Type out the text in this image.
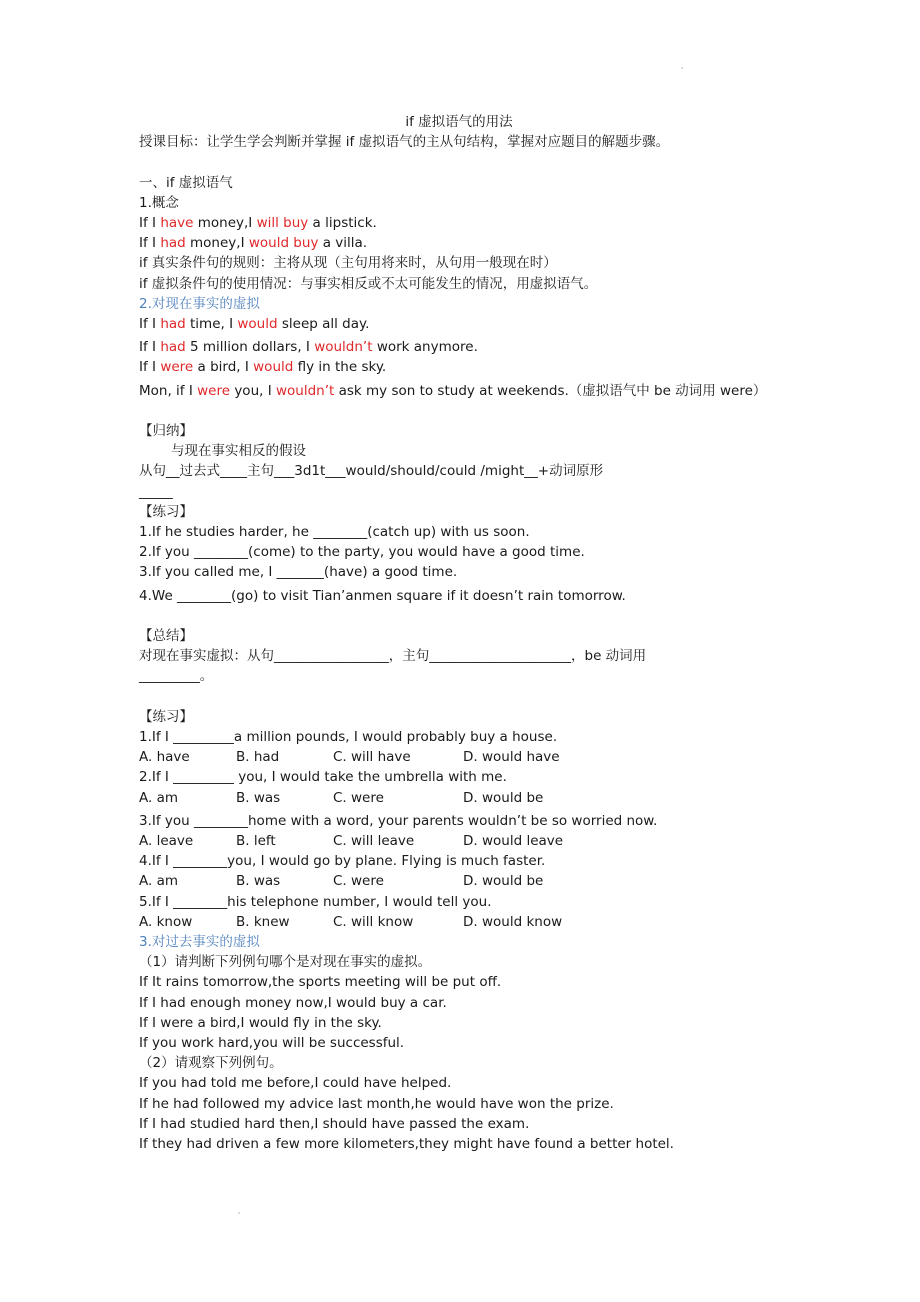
if 虚拟语气的用法
授课目标：让学生学会判断并掌握 if 虚拟语气的主从句结构，掌握对应题目的解题步骤。
一、if 虚拟语气
1.概念
If I have money,I will buy a lipstick.
If I had money,I would buy a villa.
if 真实条件句的规则：主将从现（主句用将来时，从句用一般现在时）
if 虚拟条件句的使用情况：与事实相反或不太可能发生的情况，用虚拟语气。
2.对现在事实的虚拟
If I had time, I would sleep all day.
If I had 5 million dollars, I wouldn’t work anymore.
If I were a bird, I would fly in the sky.
Mon, if I were you, I wouldn’t ask my son to study at weekends.（虚拟语气中 be 动词用 were）
【归纳】
与现在事实相反的假设
从句__过去式____主句___3d1t___would/should/could /might__+动词原形
_____
【练习】
1.If he studies harder, he ________(catch up) with us soon.
2.If you ________(come) to the party, you would have a good time.
3.If you called me, I _______(have) a good time.
4.We ________(go) to visit Tian’anmen square if it doesn’t rain tomorrow.
【总结】
对现在事实虚拟：从句_________________，主句_____________________，be 动词用
_________。
【练习】
1.If I _________a million pounds, I would probably buy a house.
A. have	B. had	C. will have	D. would have
2.If I _________ you, I would take the umbrella with me.
A. am	B. was	C. were	D. would be
3.If you ________home with a word, your parents wouldn’t be so worried now.
A. leave	B. left	C. will leave	D. would leave
4.If I ________you, I would go by plane. Flying is much faster.
A. am	B. was	C. were	D. would be
5.If I ________his telephone number, I would tell you.
A. know	B. knew	C. will know	D. would know
3.对过去事实的虚拟
（1）请判断下列例句哪个是对现在事实的虚拟。
If It rains tomorrow,the sports meeting will be put off.
If I had enough money now,I would buy a car.
If I were a bird,I would fly in the sky.
If you work hard,you will be successful.
（2）请观察下列例句。
If you had told me before,I could have helped.
If he had followed my advice last month,he would have won the prize.
If I had studied hard then,I should have passed the exam.
If they had driven a few more kilometers,they might have found a better hotel.
